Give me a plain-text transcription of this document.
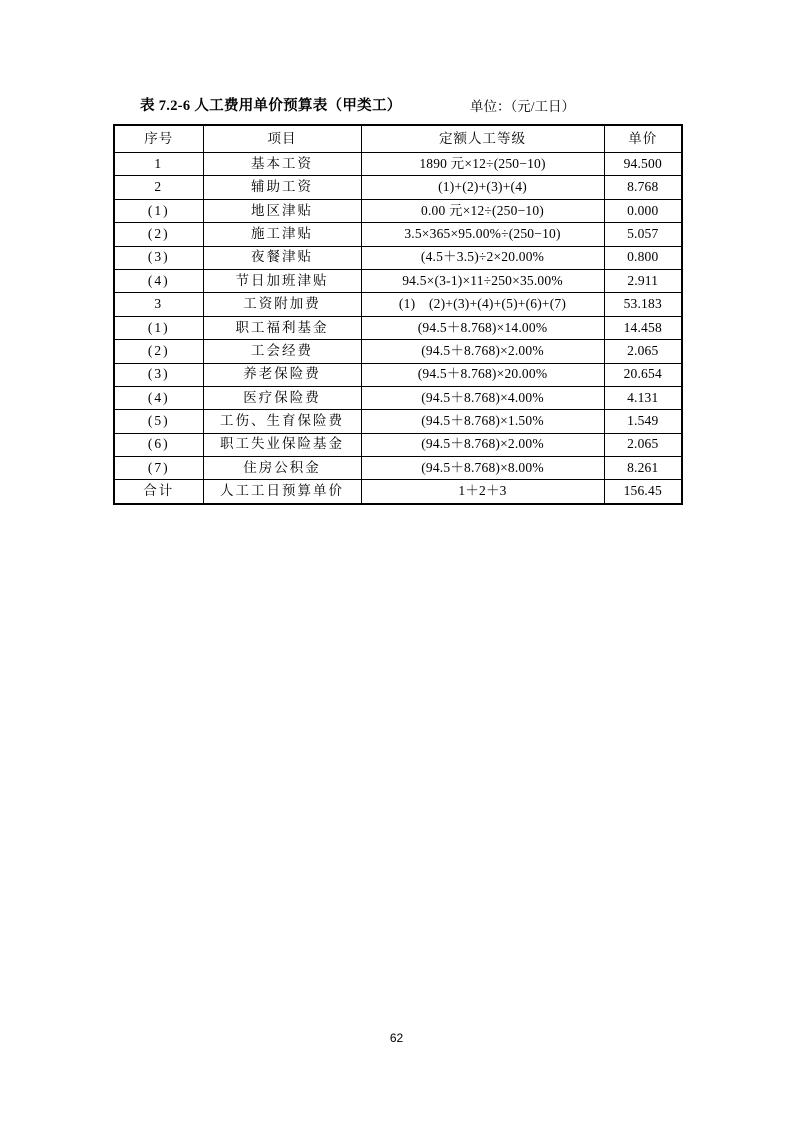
表 7.2-6 人工费用单价预算表（甲类工）	单位：（元/工日）
序号	项目	定额人工等级	单价
1	基本工资	1890 元×12÷(250−10)	94.500
2	辅助工资	(1)+(2)+(3)+(4)	8.768
(1)	地区津贴	0.00 元×12÷(250−10)	0.000
(2)	施工津贴	3.5×365×95.00%÷(250−10)	5.057
(3)	夜餐津贴	(4.5＋3.5)÷2×20.00%	0.800
(4)	节日加班津贴	94.5×(3-1)×11÷250×35.00%	2.911
3	工资附加费	(1)　(2)+(3)+(4)+(5)+(6)+(7)	53.183
(1)	职工福利基金	(94.5＋8.768)×14.00%	14.458
(2)	工会经费	(94.5＋8.768)×2.00%	2.065
(3)	养老保险费	(94.5＋8.768)×20.00%	20.654
(4)	医疗保险费	(94.5＋8.768)×4.00%	4.131
(5)	工伤、生育保险费	(94.5＋8.768)×1.50%	1.549
(6)	职工失业保险基金	(94.5＋8.768)×2.00%	2.065
(7)	住房公积金	(94.5＋8.768)×8.00%	8.261
合计	人工工日预算单价	1＋2＋3	156.45
62
